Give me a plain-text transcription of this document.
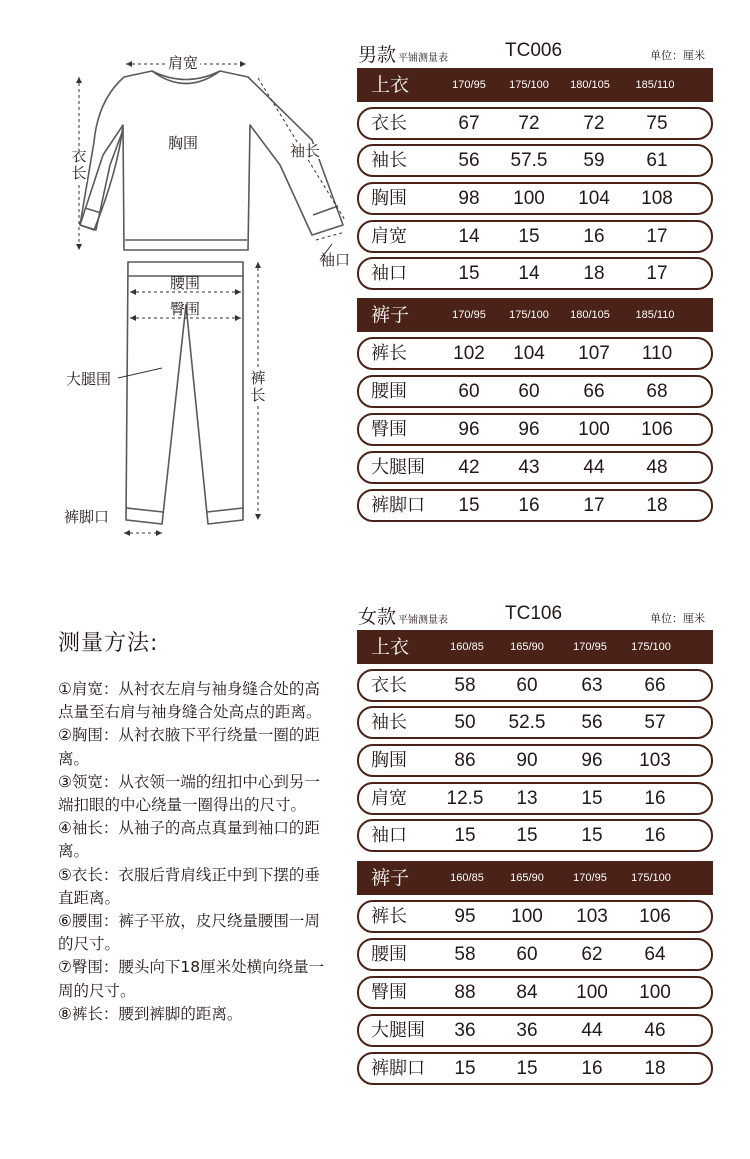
肩宽
胸围
衣长
袖长
袖口
腰围
臀围
大腿围	裤长
裤脚口
男款 平铺测量表	TC006	单位：厘米
上衣	170/95	175/100	180/105	185/110
衣长	67	72	72	75
袖长	56	57.5	59	61
胸围	98	100	104	108
肩宽	14	15	16	17
袖口	15	14	18	17
裤子	170/95	175/100	180/105	185/110
裤长	102	104	107	110
腰围	60	60	66	68
臀围	96	96	100	106
大腿围	42	43	44	48
裤脚口	15	16	17	18
测量方法:

①肩宽：从衬衣左肩与袖身缝合处的高点量至右肩与袖身缝合处高点的距离。

②胸围：从衬衣腋下平行绕量一圈的距离。

③领宽：从衣领一端的纽扣中心到另一端扣眼的中心绕量一圈得出的尺寸。

④袖长：从袖子的高点真量到袖口的距离。

⑤衣长：衣服后背肩线正中到下摆的垂直距离。

⑥腰围：裤子平放，皮尺绕量腰围一周的尺寸。

⑦臀围：腰头向下18厘米处横向绕量一周的尺寸。

⑧裤长：腰到裤脚的距离。

女款 平铺测量表	TC106	单位：厘米
上衣	160/85	165/90	170/95	175/100
衣长	58	60	63	66
袖长	50	52.5	56	57
胸围	86	90	96	103
肩宽	12.5	13	15	16
袖口	15	15	15	16
裤子	160/85	165/90	170/95	175/100
裤长	95	100	103	106
腰围	58	60	62	64
臀围	88	84	100	100
大腿围	36	36	44	46
裤脚口	15	15	16	18
